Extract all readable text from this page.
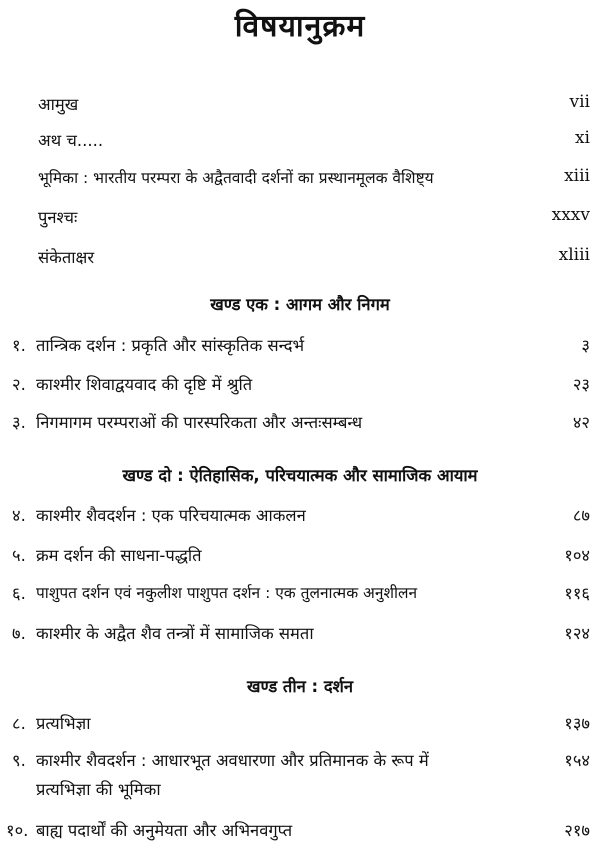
विषयानुक्रम
आमुख	vii
अथ च.....	xi
भूमिका : भारतीय परम्परा के अद्वैतवादी दर्शनों का प्रस्थानमूलक वैशिष्ट्य	xiii
पुनश्चः	xxxv
संकेताक्षर	xliii
खण्ड एक : आगम और निगम
१. तान्त्रिक दर्शन : प्रकृति और सांस्कृतिक सन्दर्भ	३
२. काश्मीर शिवाद्वयवाद की दृष्टि में श्रुति	२३
३. निगमागम परम्पराओं की पारस्परिकता और अन्तःसम्बन्ध	४२
खण्ड दो : ऐतिहासिक, परिचयात्मक और सामाजिक आयाम
४. काश्मीर शैवदर्शन : एक परिचयात्मक आकलन	८७
५. क्रम दर्शन की साधना-पद्धति	१०४
६. पाशुपत दर्शन एवं नकुलीश पाशुपत दर्शन : एक तुलनात्मक अनुशीलन	११६
७. काश्मीर के अद्वैत शैव तन्त्रों में सामाजिक समता	१२४
खण्ड तीन : दर्शन
८. प्रत्यभिज्ञा	१३७
९. काश्मीर शैवदर्शन : आधारभूत अवधारणा और प्रतिमानक के रूप में	१५४
प्रत्यभिज्ञा की भूमिका
१०. बाह्य पदार्थों की अनुमेयता और अभिनवगुप्त	२१७
